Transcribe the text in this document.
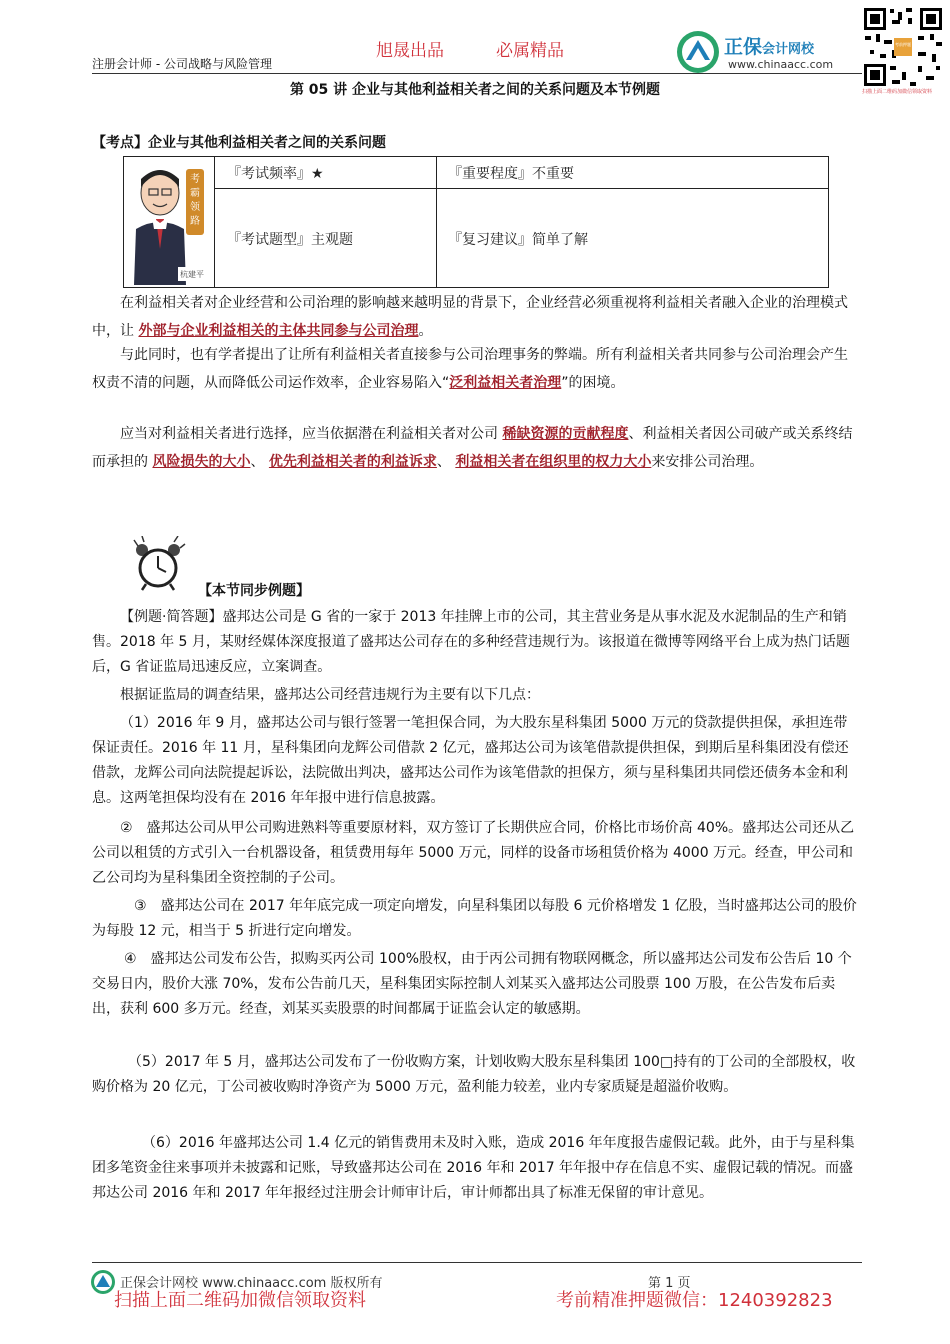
旭晟出品	必属精品
注册会计师 - 公司战略与风险管理
正保会计网校
www.chinaacc.com
考前押题
扫描上面二维码加微信领取资料
第 05 讲 企业与其他利益相关者之间的关系问题及本节例题
【考点】企业与其他利益相关者之间的关系问题
考霸领路
杭建平
『考试频率』★	『重要程度』不重要
『考试题型』主观题	『复习建议』简单了解

在利益相关者对企业经营和公司治理的影响越来越明显的背景下，企业经营必须重视将利益相关者融入企业的治理模式中，让 外部与企业利益相关的主体共同参与公司治理。

与此同时，也有学者提出了让所有利益相关者直接参与公司治理事务的弊端。所有利益相关者共同参与公司治理会产生权责不清的问题，从而降低公司运作效率，企业容易陷入“泛利益相关者治理”的困境。

应当对利益相关者进行选择，应当依据潜在利益相关者对公司 稀缺资源的贡献程度、利益相关者因公司破产或关系终结而承担的 风险损失的大小、 优先利益相关者的利益诉求、 利益相关者在组织里的权力大小来安排公司治理。

【本节同步例题】

【例题·简答题】盛邦达公司是 G 省的一家于 2013 年挂牌上市的公司，其主营业务是从事水泥及水泥制品的生产和销售。2018 年 5 月，某财经媒体深度报道了盛邦达公司存在的多种经营违规行为。该报道在微博等网络平台上成为热门话题后，G 省证监局迅速反应，立案调查。

根据证监局的调查结果，盛邦达公司经营违规行为主要有以下几点：

（1）2016 年 9 月，盛邦达公司与银行签署一笔担保合同，为大股东星科集团 5000 万元的贷款提供担保，承担连带保证责任。2016 年 11 月，星科集团向龙辉公司借款 2 亿元，盛邦达公司为该笔借款提供担保，到期后星科集团没有偿还借款，龙辉公司向法院提起诉讼，法院做出判决，盛邦达公司作为该笔借款的担保方，须与星科集团共同偿还债务本金和利息。这两笔担保均没有在 2016 年年报中进行信息披露。

②　盛邦达公司从甲公司购进熟料等重要原材料，双方签订了长期供应合同，价格比市场价高 40%。盛邦达公司还从乙公司以租赁的方式引入一台机器设备，租赁费用每年 5000 万元，同样的设备市场租赁价格为 4000 万元。经查，甲公司和乙公司均为星科集团全资控制的子公司。

③　盛邦达公司在 2017 年年底完成一项定向增发，向星科集团以每股 6 元价格增发 1 亿股，当时盛邦达公司的股价为每股 12 元，相当于 5 折进行定向增发。

④　盛邦达公司发布公告，拟购买丙公司 100%股权，由于丙公司拥有物联网概念，所以盛邦达公司发布公告后 10 个交易日内，股价大涨 70%，发布公告前几天，星科集团实际控制人刘某买入盛邦达公司股票 100 万股，在公告发布后卖出，获利 600 多万元。经查，刘某买卖股票的时间都属于证监会认定的敏感期。

（5）2017 年 5 月，盛邦达公司发布了一份收购方案，计划收购大股东星科集团 100□持有的丁公司的全部股权，收购价格为 20 亿元，丁公司被收购时净资产为 5000 万元，盈利能力较差，业内专家质疑是超溢价收购。

（6）2016 年盛邦达公司 1.4 亿元的销售费用未及时入账，造成 2016 年年度报告虚假记载。此外，由于与星科集团多笔资金往来事项并未披露和记账，导致盛邦达公司在 2016 年和 2017 年年报中存在信息不实、虚假记载的情况。而盛邦达公司 2016 年和 2017 年年报经过注册会计师审计后，审计师都出具了标准无保留的审计意见。

正保会计网校 www.chinaacc.com 版权所有	第 1 页
扫描上面二维码加微信领取资料	考前精准押题微信：1240392823
